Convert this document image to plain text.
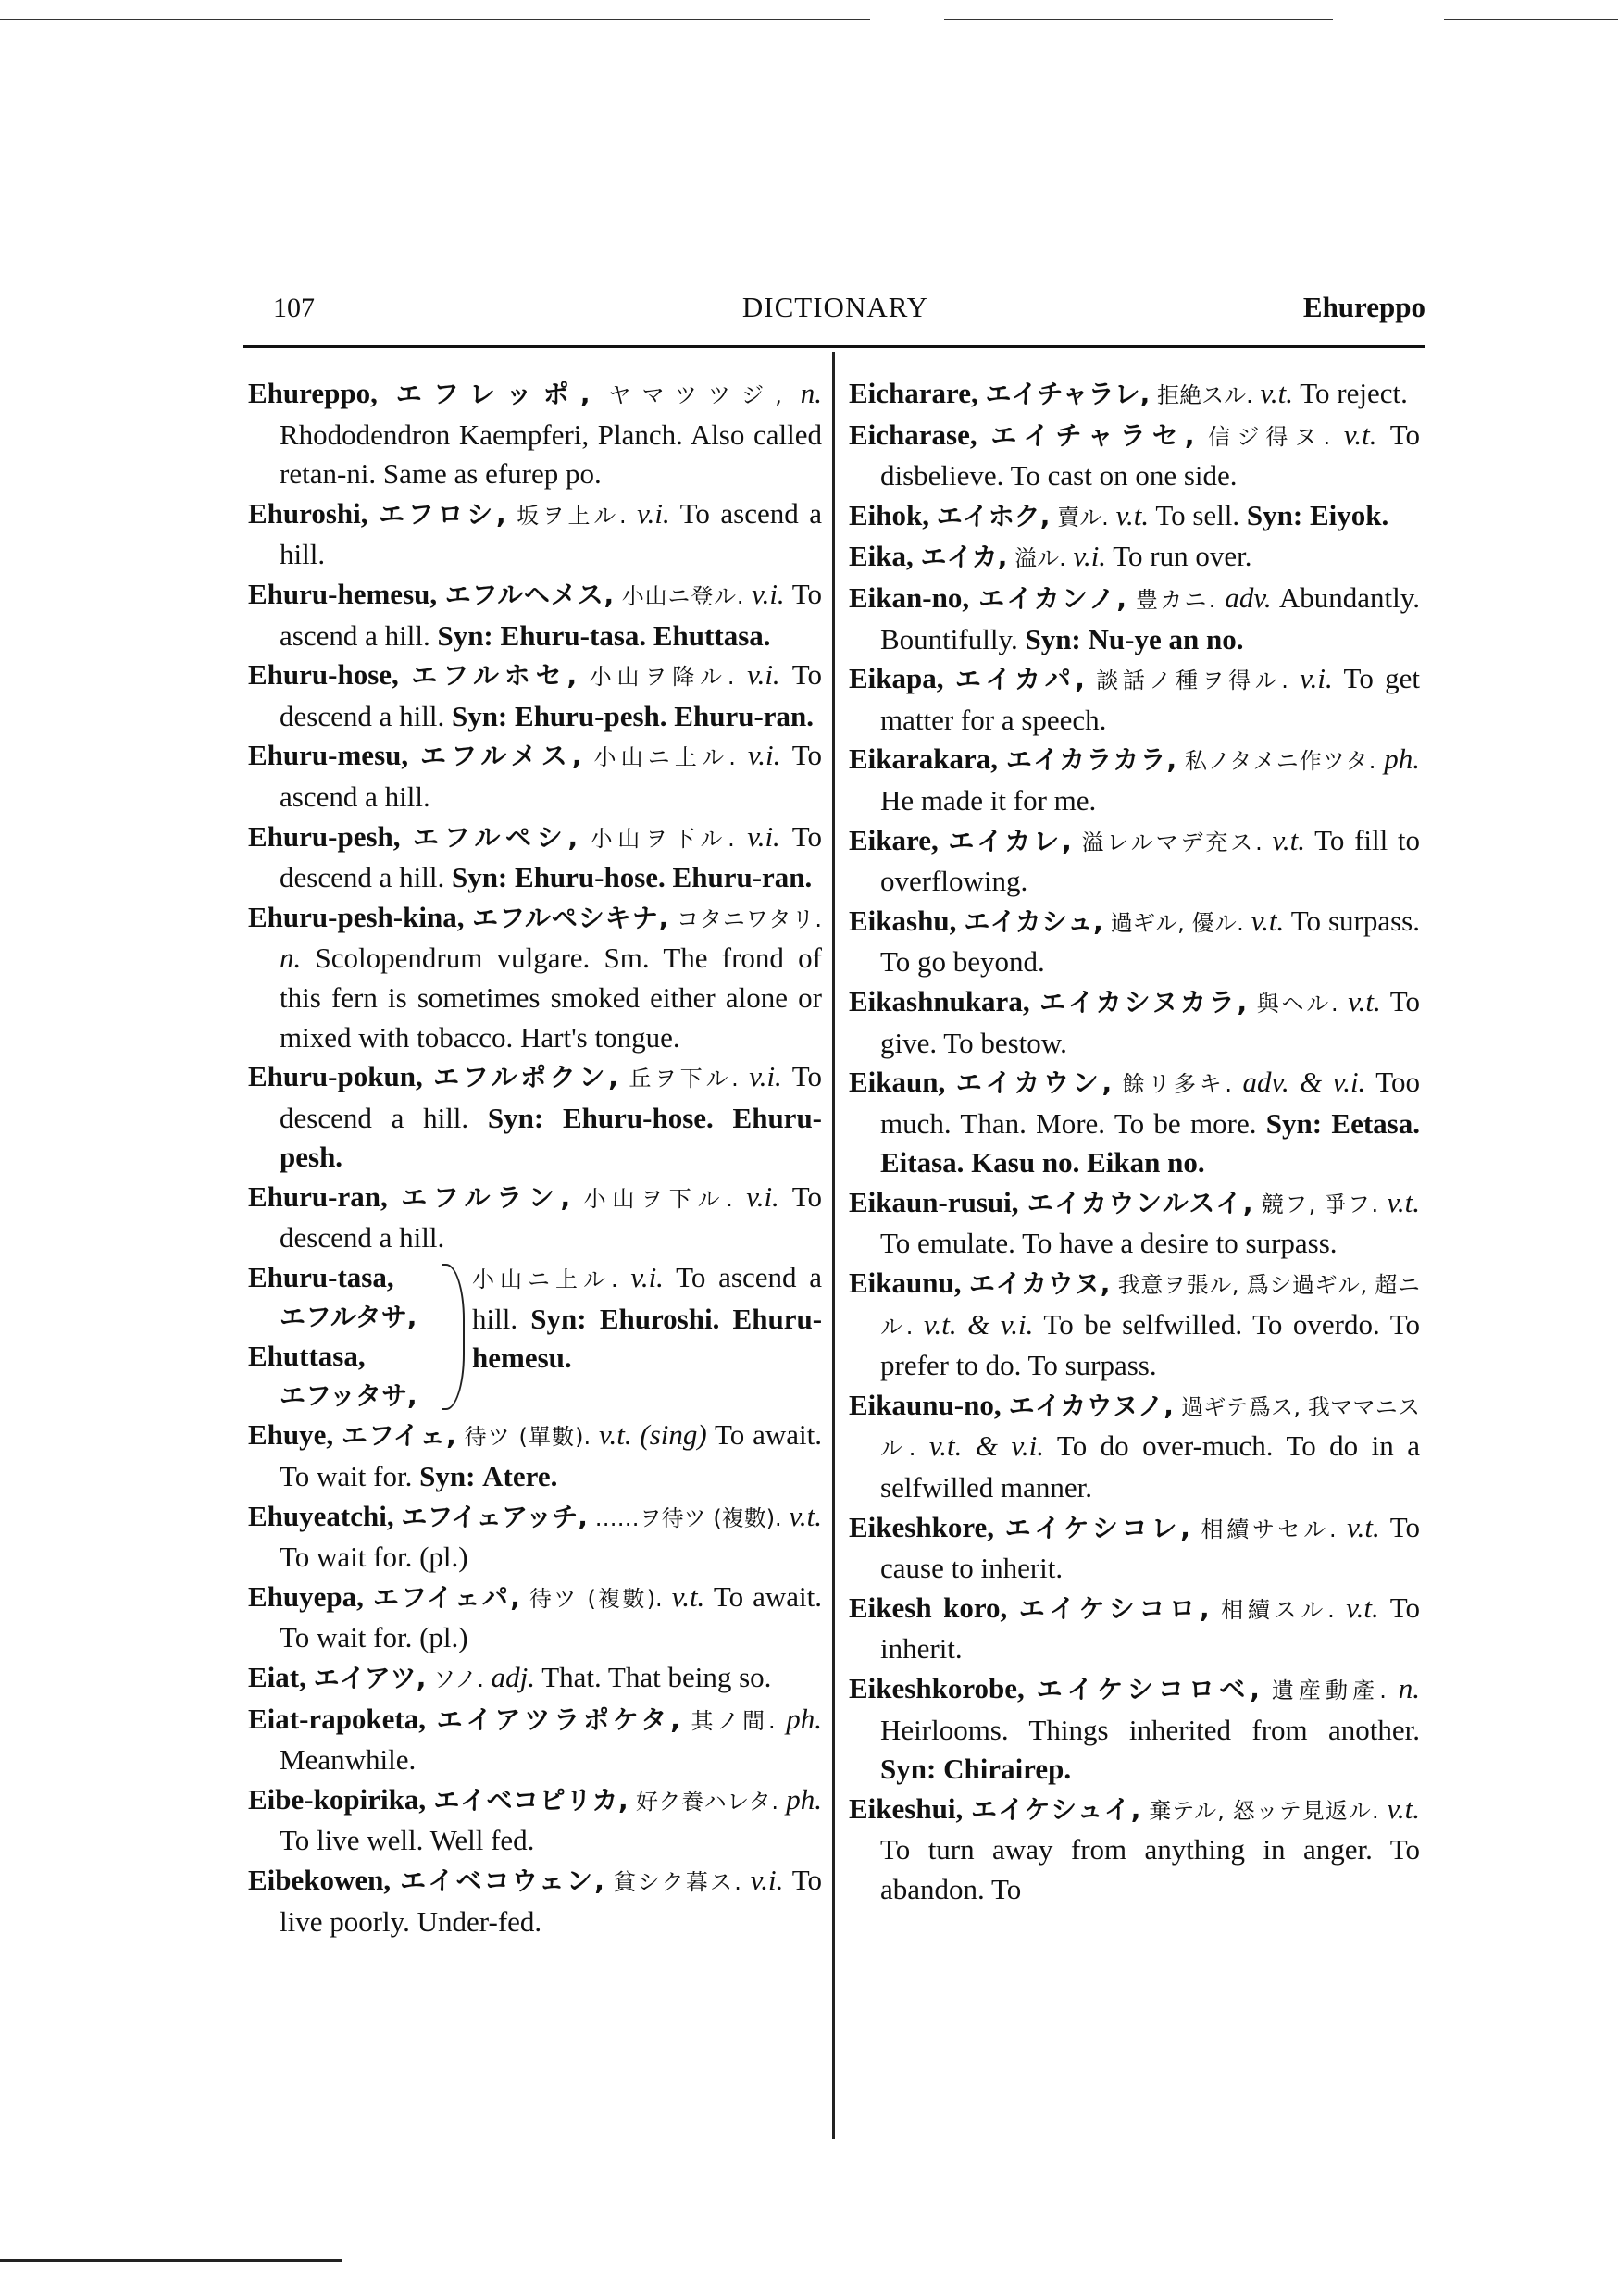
107	DICTIONARY	Ehureppo

Ehureppo, エフレッポ, ヤマツツジ, n. Rhododendron Kaempferi, Planch. Also called retan-ni. Same as efurep po.

Ehuroshi, エフロシ, 坂ヲ上ル. v.i. To ascend a hill.

Ehuru-hemesu, エフルヘメス, 小山ニ登ル. v.i. To ascend a hill. Syn: Ehuru-tasa. Ehuttasa.

Ehuru-hose, エフルホセ, 小山ヲ降ル. v.i. To descend a hill. Syn: Ehuru-pesh. Ehuru-ran.

Ehuru-mesu, エフルメス, 小山ニ上ル. v.i. To ascend a hill.

Ehuru-pesh, エフルペシ, 小山ヲ下ル. v.i. To descend a hill. Syn: Ehuru-hose. Ehuru-ran.

Ehuru-pesh-kina, エフルペシキナ, コタニワタリ. n. Scolopendrum vulgare. Sm. The frond of this fern is sometimes smoked either alone or mixed with tobacco. Hart's tongue.

Ehuru-pokun, エフルポクン, 丘ヲ下ル. v.i. To descend a hill. Syn: Ehuru-hose. Ehuru-pesh.

Ehuru-ran, エフルラン, 小山ヲ下ル. v.i. To descend a hill.

Ehuru-tasa,
エフルタサ,
Ehuttasa,
エフッタサ,
小山ニ上ル. v.i. To ascend a hill. Syn: Ehuroshi. Ehuru-hemesu.

Ehuye, エフイェ, 待ツ (單數). v.t. (sing) To await. To wait for. Syn: Atere.

Ehuyeatchi, エフイェアッチ, ……ヲ待ツ (複數). v.t. To wait for. (pl.)

Ehuyepa, エフイェパ, 待ツ (複數). v.t. To await. To wait for. (pl.)

Eiat, エイアツ, ソノ. adj. That. That being so.

Eiat-rapoketa, エイアツラポケタ, 其ノ間. ph. Meanwhile.

Eibe-kopirika, エイベコピリカ, 好ク養ハレタ. ph. To live well. Well fed.

Eibekowen, エイベコウェン, 貧シク暮ス. v.i. To live poorly. Under-fed.

Eicharare, エイチャラレ, 拒絶スル. v.t. To reject.

Eicharase, エイチャラセ, 信ジ得ヌ. v.t. To disbelieve. To cast on one side.

Eihok, エイホク, 賣ル. v.t. To sell. Syn: Eiyok.

Eika, エイカ, 溢ル. v.i. To run over.

Eikan-no, エイカンノ, 豊カニ. adv. Abundantly. Bountifully. Syn: Nu-ye an no.

Eikapa, エイカパ, 談話ノ種ヲ得ル. v.i. To get matter for a speech.

Eikarakara, エイカラカラ, 私ノタメニ作ツタ. ph. He made it for me.

Eikare, エイカレ, 溢レルマデ充ス. v.t. To fill to overflowing.

Eikashu, エイカシュ, 過ギル, 優ル. v.t. To surpass. To go beyond.

Eikashnukara, エイカシヌカラ, 與ヘル. v.t. To give. To bestow.

Eikaun, エイカウン, 餘リ多キ. adv. & v.i. Too much. Than. More. To be more. Syn: Eetasa. Eitasa. Kasu no. Eikan no.

Eikaun-rusui, エイカウンルスイ, 競フ, 爭フ. v.t. To emulate. To have a desire to surpass.

Eikaunu, エイカウヌ, 我意ヲ張ル, 爲シ過ギル, 超ニル. v.t. & v.i. To be selfwilled. To overdo. To prefer to do. To surpass.

Eikaunu-no, エイカウヌノ, 過ギテ爲ス, 我ママニスル. v.t. & v.i. To do over-much. To do in a selfwilled manner.

Eikeshkore, エイケシコレ, 相續サセル. v.t. To cause to inherit.

Eikesh koro, エイケシコロ, 相續スル. v.t. To inherit.

Eikeshkorobe, エイケシコロベ, 遺産動產. n. Heirlooms. Things inherited from another. Syn: Chirairep.

Eikeshui, エイケシュイ, 棄テル, 怒ッテ見返ル. v.t. To turn away from anything in anger. To abandon. To
